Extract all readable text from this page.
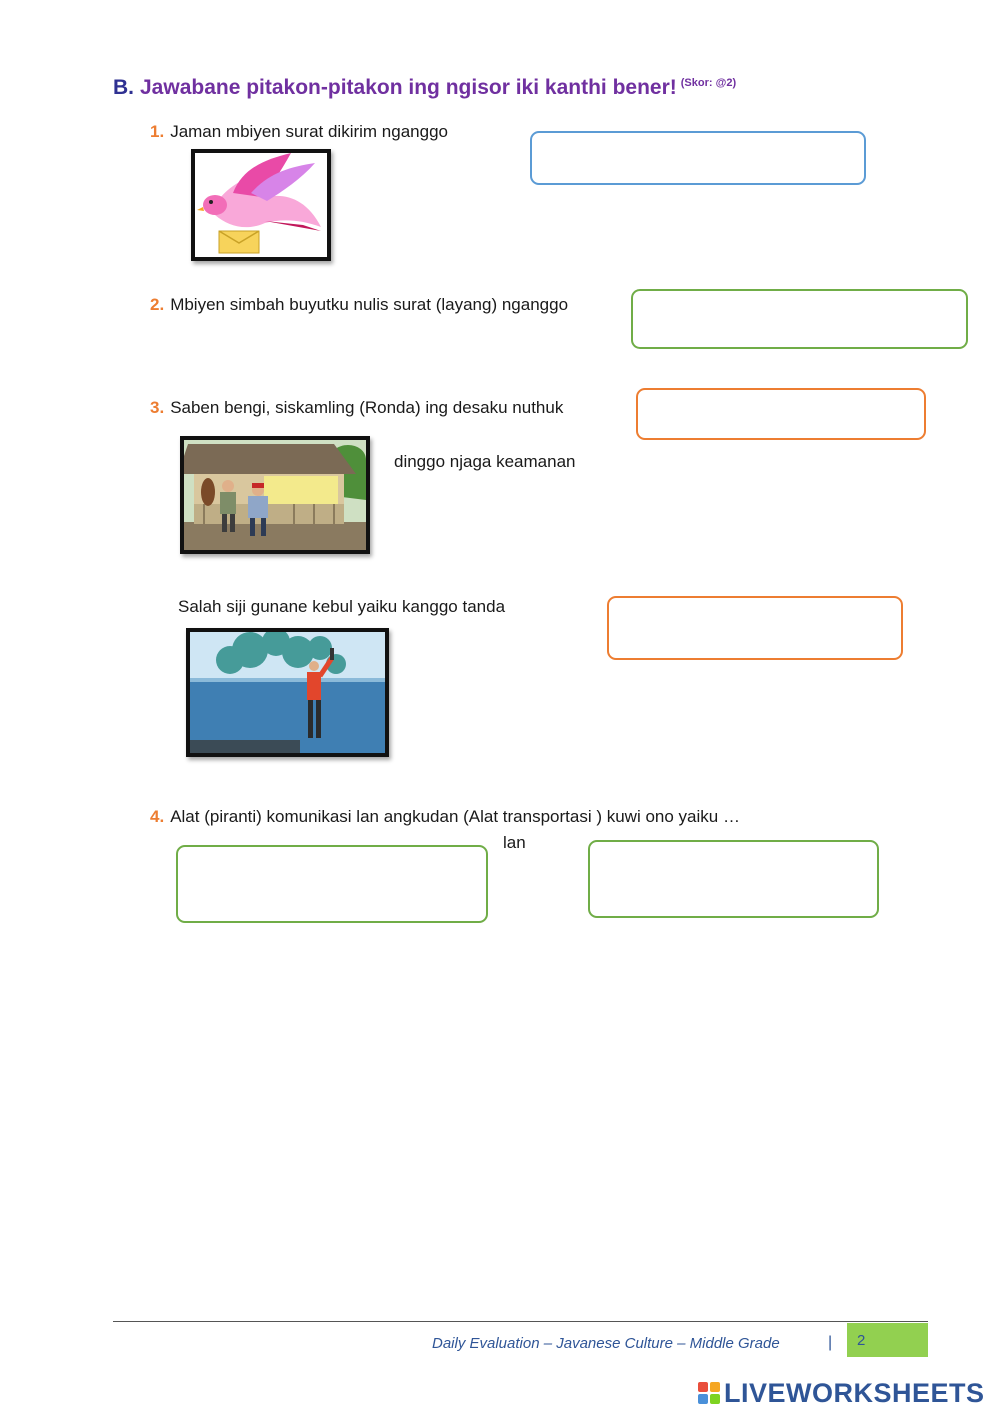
B. Jawabane pitakon-pitakon ing ngisor iki kanthi bener! $^{(Skor: @2)}$
1. Jaman mbiyen surat dikirim nganggo
2. Mbiyen simbah buyutku nulis surat (layang) nganggo
3. Saben bengi, siskamling (Ronda) ing desaku nuthuk
dinggo njaga keamanan
Salah siji gunane kebul yaiku kanggo tanda
4. Alat (piranti) komunikasi lan angkudan (Alat transportasi ) kuwi ono yaiku …
lan
Daily Evaluation – Javanese Culture – Middle Grade	| 2
LIVEWORKSHEETS
